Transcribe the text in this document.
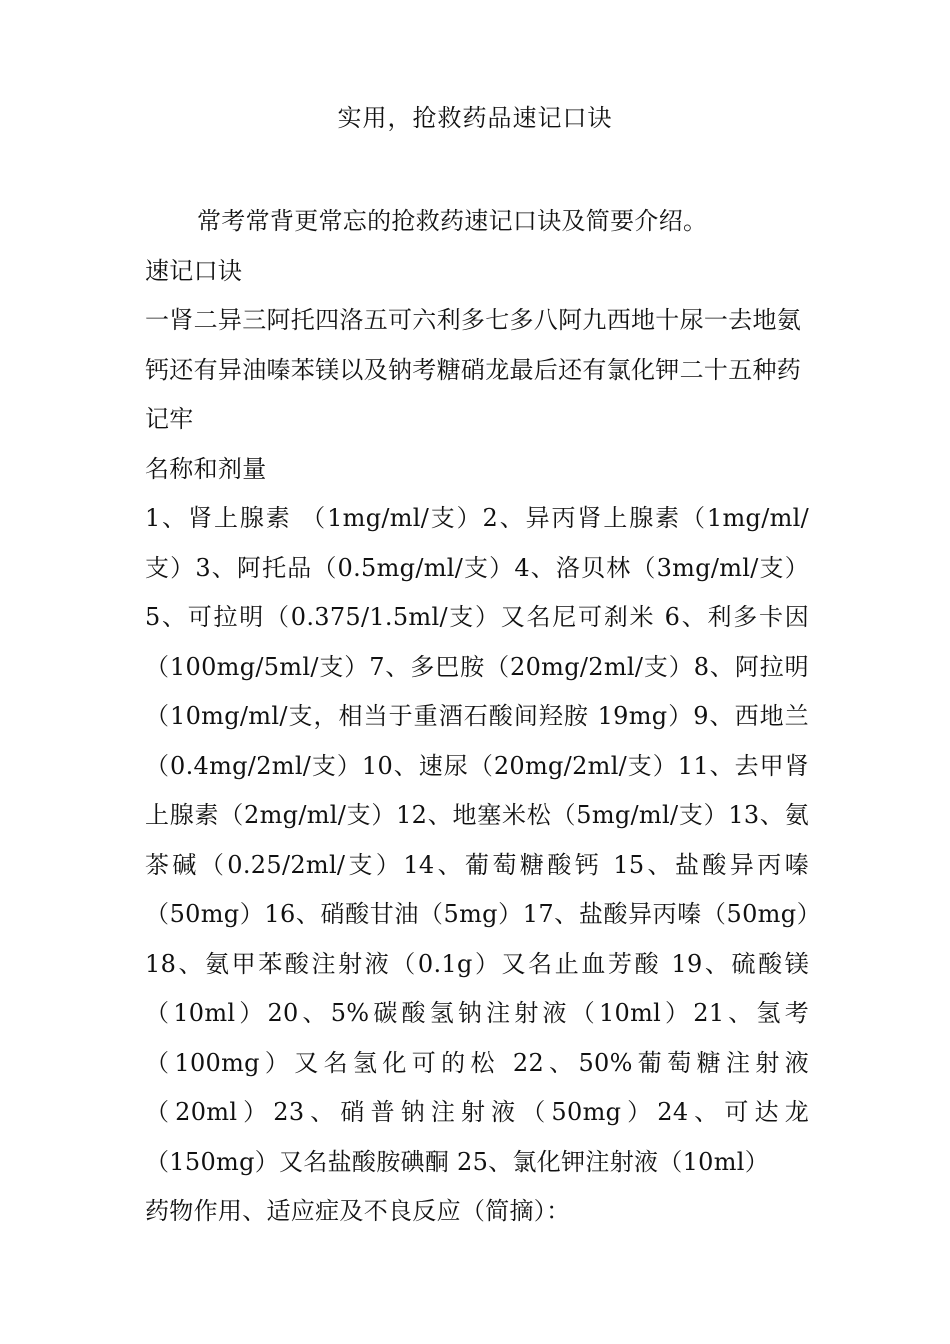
实用，抢救药品速记口诀

常考常背更常忘的抢救药速记口诀及简要介绍。

速记口诀

一肾二异三阿托四洛五可六利多七多八阿九西地十尿一去地氨钙还有异油嗪苯镁以及钠考糖硝龙最后还有氯化钾二十五种药记牢

名称和剂量

1、肾上腺素 （1mg/ml/支）2、异丙肾上腺素（1mg/ml/支）3、阿托品（0.5mg/ml/支）4、洛贝林（3mg/ml/支）5、可拉明（0.375/1.5ml/支）又名尼可刹米 6、利多卡因（100mg/5ml/支）7、多巴胺（20mg/2ml/支）8、阿拉明（10mg/ml/支，相当于重酒石酸间羟胺 19mg）9、西地兰（0.4mg/2ml/支）10、速尿（20mg/2ml/支）11、去甲肾上腺素（2mg/ml/支）12、地塞米松（5mg/ml/支）13、氨茶碱（0.25/2ml/支）14、葡萄糖酸钙 15、盐酸异丙嗪（50mg）16、硝酸甘油（5mg）17、盐酸异丙嗪（50mg）18、氨甲苯酸注射液（0.1g）又名止血芳酸 19、硫酸镁（10ml）20、5%碳酸氢钠注射液（10ml）21、氢考（100mg）又名氢化可的松 22、50%葡萄糖注射液（20ml）23、硝普钠注射液（50mg）24、可达龙（150mg）又名盐酸胺碘酮 25、氯化钾注射液（10ml）

药物作用、适应症及不良反应（简摘）：
